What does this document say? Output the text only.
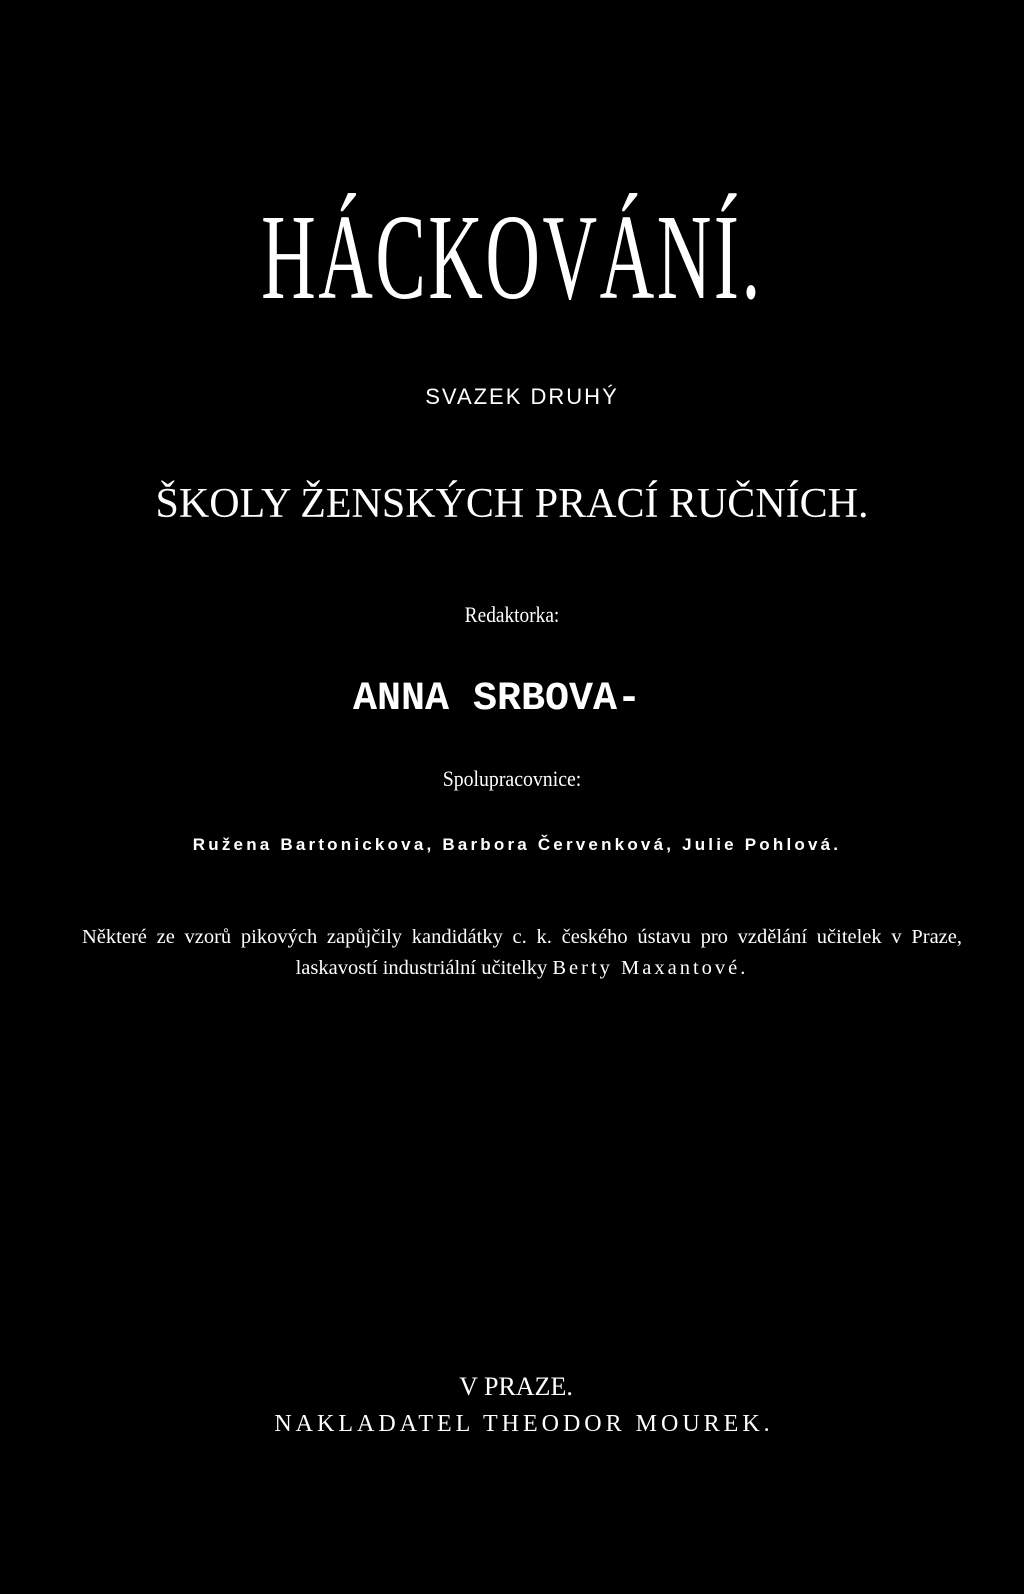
HÁCKOVÁNÍ.
SVAZEK DRUHÝ
ŠKOLY ŽENSKÝCH PRACÍ RUČNÍCH.
Redaktorka:
ANNA SRBOVA-
Spolupracovnice:
Ružena Bartonickova, Barbora Červenková, Julie Pohlová.
Některé ze vzorů pikových zapůjčily kandidátky c. k. českého ústavu pro vzdělání učitelek v Praze, laskavostí industriální učitelky Berty Maxantové.
V PRAZE.
NAKLADATEL THEODOR MOUREK.
